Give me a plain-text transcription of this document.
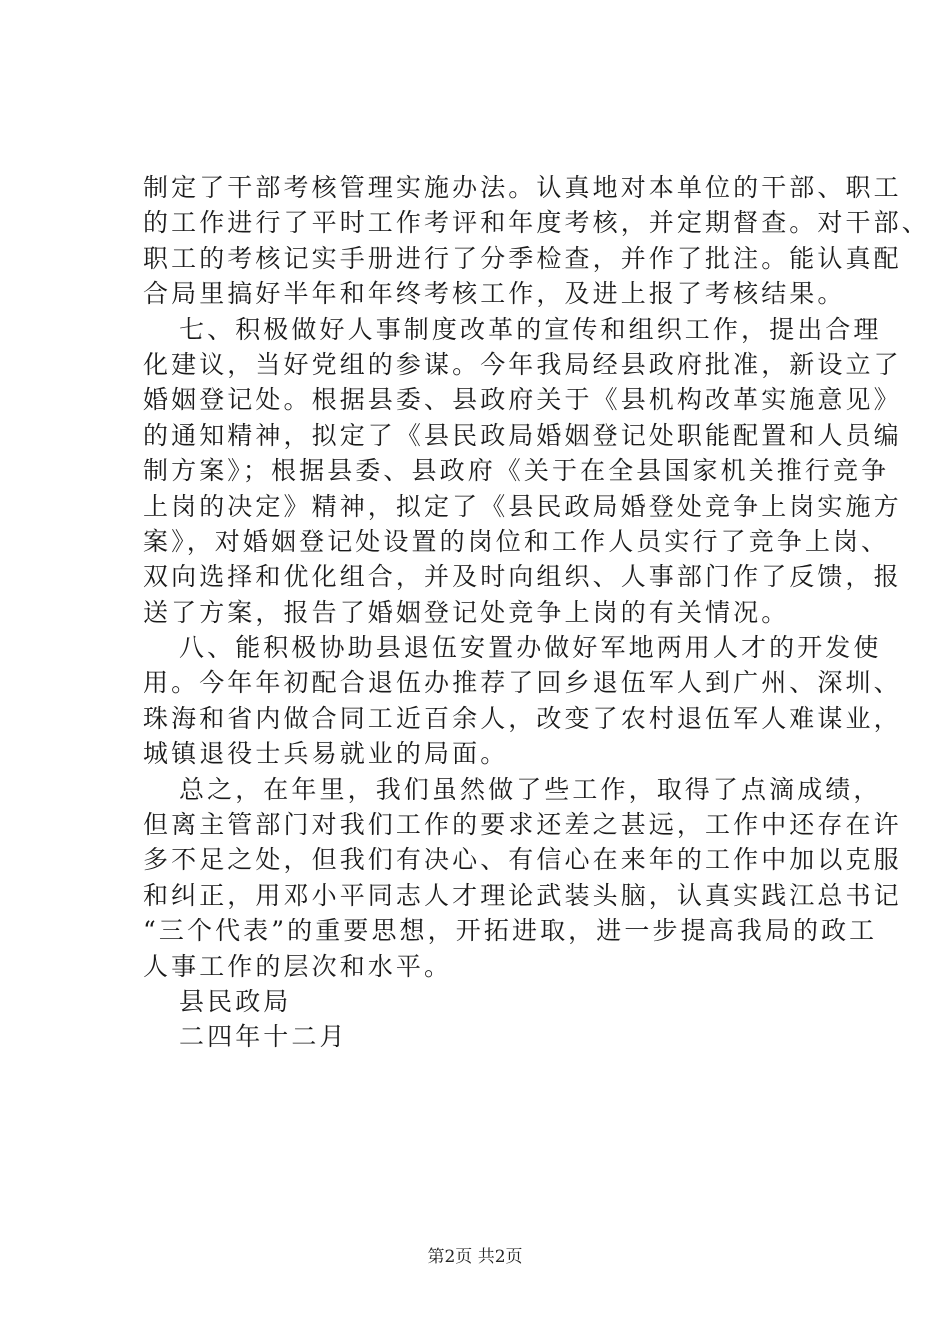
制定了干部考核管理实施办法。认真地对本单位的干部、职工
的工作进行了平时工作考评和年度考核，并定期督查。对干部、
职工的考核记实手册进行了分季检查，并作了批注。能认真配
合局里搞好半年和年终考核工作，及进上报了考核结果。
七、积极做好人事制度改革的宣传和组织工作，提出合理
化建议，当好党组的参谋。今年我局经县政府批准，新设立了
婚姻登记处。根据县委、县政府关于《县机构改革实施意见》
的通知精神，拟定了《县民政局婚姻登记处职能配置和人员编
制方案》；根据县委、县政府《关于在全县国家机关推行竞争
上岗的决定》精神，拟定了《县民政局婚登处竞争上岗实施方
案》，对婚姻登记处设置的岗位和工作人员实行了竞争上岗、
双向选择和优化组合，并及时向组织、人事部门作了反馈，报
送了方案，报告了婚姻登记处竞争上岗的有关情况。
八、能积极协助县退伍安置办做好军地两用人才的开发使
用。今年年初配合退伍办推荐了回乡退伍军人到广州、深圳、
珠海和省内做合同工近百余人，改变了农村退伍军人难谋业，
城镇退役士兵易就业的局面。
总之，在年里，我们虽然做了些工作，取得了点滴成绩，
但离主管部门对我们工作的要求还差之甚远，工作中还存在许
多不足之处，但我们有决心、有信心在来年的工作中加以克服
和纠正，用邓小平同志人才理论武装头脑，认真实践江总书记
“三个代表”的重要思想，开拓进取，进一步提高我局的政工
人事工作的层次和水平。
县民政局
二四年十二月
第2页 共2页
